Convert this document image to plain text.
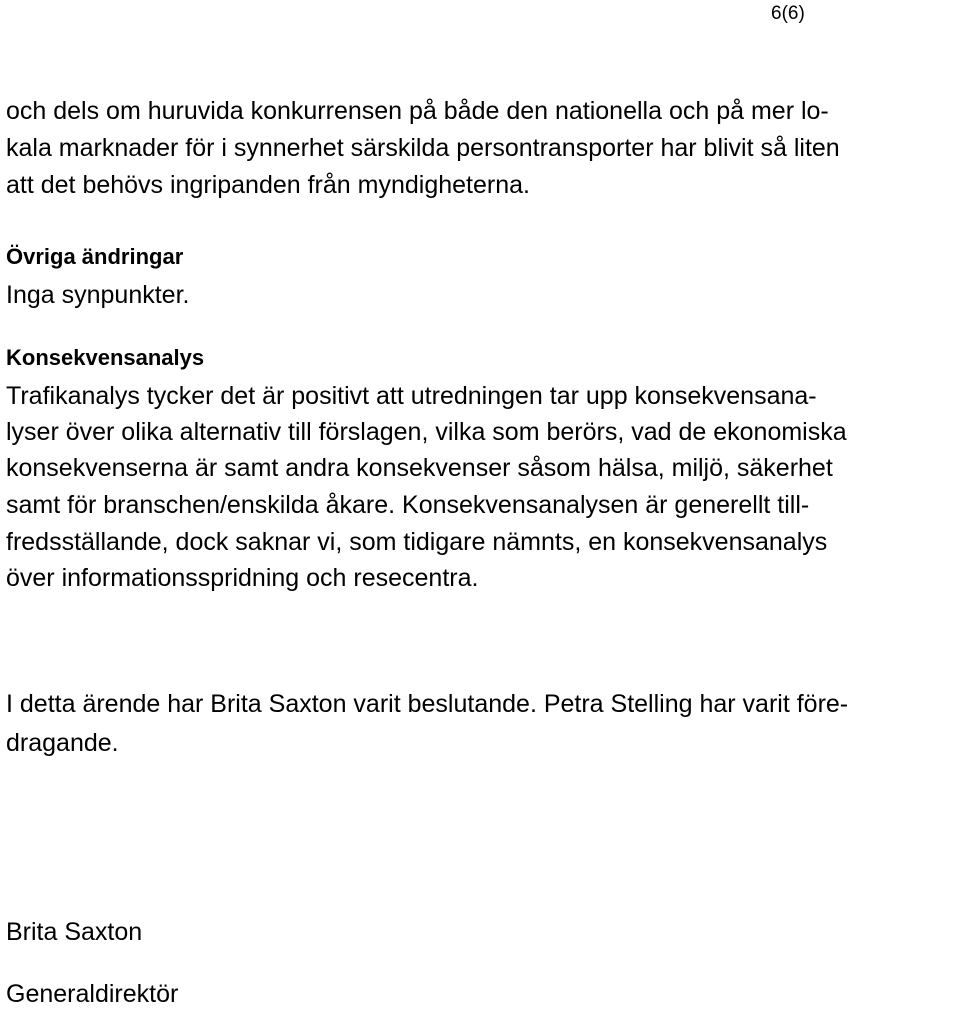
6(6)
och dels om huruvida konkurrensen på både den nationella och på mer lo-
kala marknader för i synnerhet särskilda persontransporter har blivit så liten
att det behövs ingripanden från myndigheterna.
Övriga ändringar
Inga synpunkter.
Konsekvensanalys
Trafikanalys tycker det är positivt att utredningen tar upp konsekvensana-
lyser över olika alternativ till förslagen, vilka som berörs, vad de ekonomiska
konsekvenserna är samt andra konsekvenser såsom hälsa, miljö, säkerhet
samt för branschen/enskilda åkare. Konsekvensanalysen är generellt till-
fredsställande, dock saknar vi, som tidigare nämnts, en konsekvensanalys
över informationsspridning och resecentra.
I detta ärende har Brita Saxton varit beslutande. Petra Stelling har varit före-
dragande.
Brita Saxton
Generaldirektör
